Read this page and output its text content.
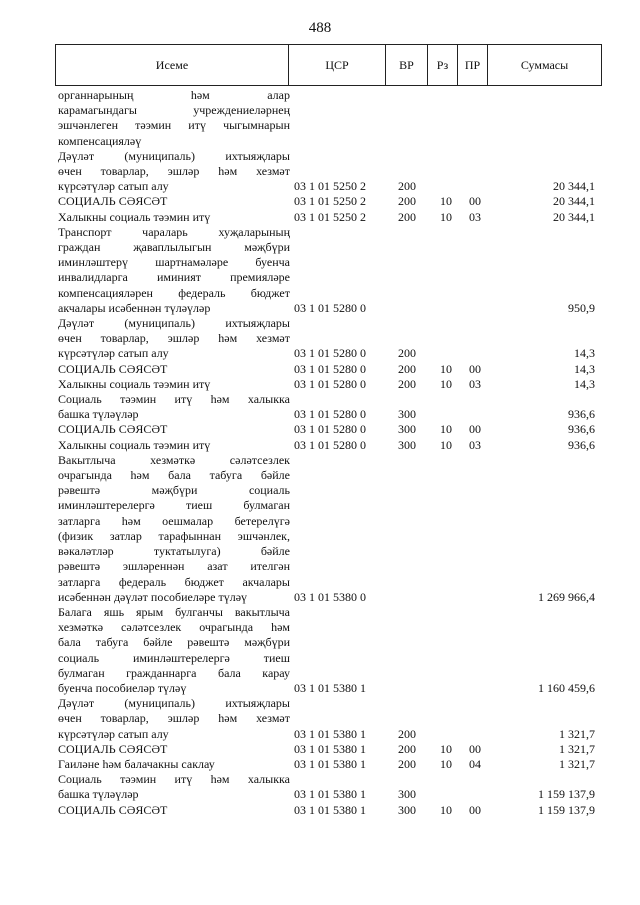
488
Исеме	ЦСР	ВР	Рз	ПР	Суммасы
органнарының һәм алар
карамагындагы учреждениеләрнең
эшчәнлеген тәэмин итү чыгымнарын
компенсацияләү
Дәүләт (муниципаль) ихтыяҗлары
өчен товарлар, эшләр һәм хезмәт
күрсәтүләр сатып алу	03 1 01 5250 2	200	20 344,1
СОЦИАЛЬ СӘЯСӘТ	03 1 01 5250 2	200 10 00	20 344,1
Халыкны социаль тәэмин итү	03 1 01 5250 2	200 10 03	20 344,1
Транспорт чараларь хуҗаларының
граждан җаваплылыгын мәҗбүри
иминләштерү шартнамәләре буенча
инвалидларга иминият премияләре
компенсацияләрен федераль бюджет
акчалары исәбеннән түләүләр	03 1 01 5280 0	950,9
Дәүләт (муниципаль) ихтыяҗлары
өчен товарлар, эшләр һәм хезмәт
күрсәтүләр сатып алу	03 1 01 5280 0	200	14,3
СОЦИАЛЬ СӘЯСӘТ	03 1 01 5280 0	200 10 00	14,3
Халыкны социаль тәэмин итү	03 1 01 5280 0	200 10 03	14,3
Социаль тәэмин итү һәм халыкка
башка түләүләр	03 1 01 5280 0	300	936,6
СОЦИАЛЬ СӘЯСӘТ	03 1 01 5280 0	300 10 00	936,6
Халыкны социаль тәэмин итү	03 1 01 5280 0	300 10 03	936,6
Вакытлыча хезмәткә сәләтсезлек
очрагында һәм бала табуга бәйле
рәвештә мәҗбүри социаль
иминләштерелергә тиеш булмаган
затларга һәм оешмалар бетерелүгә
(физик затлар тарафыннан эшчәнлек,
вәкаләтләр туктатылуга) бәйле
рәвештә эшләреннән азат ителгән
затларга федераль бюджет акчалары
исәбеннән дәүләт пособиеләре түләү	03 1 01 5380 0	1 269 966,4
Балага яшь ярым булганчы вакытлыча
хезмәткә сәләтсезлек очрагында һәм
бала табуга бәйле рәвештә мәҗбүри
социаль иминләштерелергә тиеш
булмаган гражданнарга бала карау
буенча пособиеләр түләү	03 1 01 5380 1	1 160 459,6
Дәүләт (муниципаль) ихтыяҗлары
өчен товарлар, эшләр һәм хезмәт
күрсәтүләр сатып алу	03 1 01 5380 1	200	1 321,7
СОЦИАЛЬ СӘЯСӘТ	03 1 01 5380 1	200 10 00	1 321,7
Гаиләне һәм балачакны саклау	03 1 01 5380 1	200 10 04	1 321,7
Социаль тәэмин итү һәм халыкка
башка түләүләр	03 1 01 5380 1	300	1 159 137,9
СОЦИАЛЬ СӘЯСӘТ	03 1 01 5380 1	300 10 00	1 159 137,9
